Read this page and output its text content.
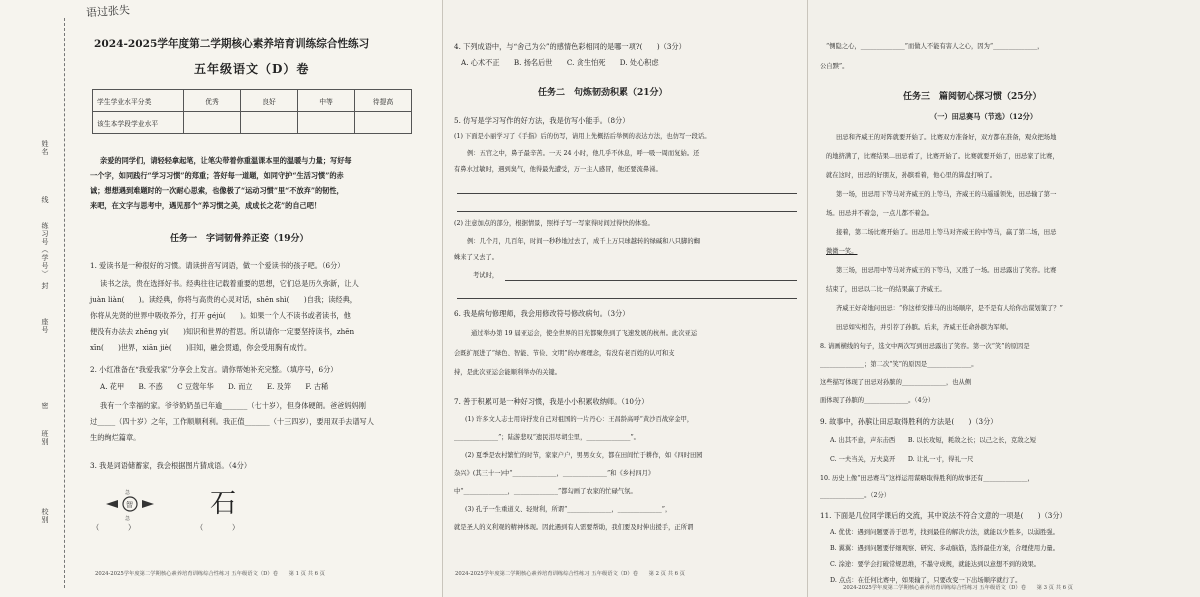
语过张失
姓名
线
练习号（学号）
封
座号
密
班别
校别
2024-2025学年度第二学期核心素养培育训练综合性练习
五年级语文（D）卷
学生学业水平分类	优秀	良好	中等	待提高
该生本学段学业水平				
亲爱的同学们，请轻轻拿起笔，让笔尖带着你重温课本里的温暖与力量；写好每
一个字，如同践行“学习习惯”的郑重；答好每一道题，如同守护“生活习惯”的赤
诚；想想遇到难题时的一次耐心思索，也像极了“运动习惯”里“不放弃”的韧性，
来吧，在文字与思考中，遇见那个“养习惯之美，成成长之花”的自己吧！
任务一　字词韧骨养正姿（19分）
1. 爱读书是一种很好的习惯。请读拼音写词语，做一个爱读书的孩子吧。（6分）
读书之法，贵在选择好书。经典往往记载着重要的思想，它们总是历久弥新，让人
juàn liàn(　　)。读经典，你将与高贵的心灵对话，shēn shì(　　)自我；读经典，
你将从先贤的世界中吸收养分，打开 géjú(　　)。如果一个人不读书或者读书，他
便没有办法去 zhēng yì(　　)知识和世界的哲思。所以请你一定要坚持读书，zhēn
xīn(　　)世界，xiān jiè(　　)旧知，融会贯通，你会受用胸有成竹。
2. 小红准备在“我爱我家”分享会上发言。请你帮她补充完整。（填序号，6分）
A. 花甲　　B. 不惑　　C 豆蔻年华　　D. 而立　　E. 及笄　　F. 古稀
我有一个幸福的家。爷爷奶奶虽已年逾_______（七十岁），但身体硬朗。爸爸妈妈刚
过_____（四十岁）之年，工作顺顺利利。我正值_______（十三四岁），要用双手去谱写人
生的绚烂篇章。
3. 我是词语储蓄家，我会根据图片猜成语。（4分）
智
急
急	石
（　　　　）	（　　　　）
2024-2025学年度第二学期核心素养培育训练综合性练习 五年级语文（D）卷　　第 1 页 共 6 页
4. 下列成语中，与“舍己为公”的感情色彩相同的是哪一项?(　　)（3分）
A. 心术不正　　B. 扬名后世　　C. 贪生怕死　　D. 处心积虑
任务二　句炼韧劲积累（21分）
5. 仿写是学习写作的好方法，我是仿写小能手。（8分）
(1) 下面是小丽学习了《手指》后的仿写，请用上先概括后举例的表达方法，也仿写一段话。
例：五官之中，鼻子最辛苦。一天 24 小时，他几乎不休息，呼一吸一周而复始。还
有鼻水过敏时，遇到臭气，他得最先遭受，万一主人感冒，他还要流鼻涕。
(2) 注意加点的部分，根据情景，照样子写一写家得时间过得快的体验。
例：几个月，几百年，时间一秒秒地过去了，成千上万只球越转的绿碱和八只脚的蜘
蛛来了又去了。
考试时，
6. 我是病句修理师，我会用修改符号修改病句。（3分）
通过举办第 19 届亚运会，使全世界的目光都聚焦到了飞速发展的杭州。此次亚运
会既扩展进了“绿色、智能、节俭、文明”的办赛理念，有没有老百姓的认可和支
持，是此次亚运会能顺利举办的关键。
7. 善于积累可是一种好习惯，我是小小积累收纳师。（10分）
(1) 许多文人志士用诗抒发自己对祖国的一片丹心：王昌龄高呼“黄沙百战穿金甲，
______________”；陆游悲叹“遗民泪尽胡尘里，______________”。
(2) 夏季是农村繁忙的时节，家家户户，男男女女，都在田间忙于耕作，如《四时田园
杂兴》(其三十一)中“______________，______________”和《乡村四月》
中“______________，______________”都勾画了农家的忙碌气氛。
(3) 孔子一生重道义、轻财利，所谓“______________，______________”，
就是圣人的义利观的精神体现。因此遇到有人需要帮助，我们要及时伸出援手，正所谓
2024-2025学年度第二学期核心素养培育训练综合性练习 五年级语文（D）卷　　第 2 页 共 6 页
“恻隐之心，______________”而做人不能有害人之心，因为“______________，
公自黩”。
任务三　篇阅韧心探习惯（25分）
（一）田忌赛马（节选）（12分）
田忌和齐威王的对阵就要开始了。比赛双方准备好，双方都在准备，观众把场地
的地挤满了，比赛结果...田忌看了，比赛开始了。比赛就要开始了，田忌家了比赛，
就在这时，田忌的好朋友，孙膑看着，他心里的算盘打响了。
第一场，田忌用下等马对齐威王的上等马，齐威王的马遥遥领先，田忌输了第一
场。田忌并不着急，一点儿都不着急。
接着，第二场比赛开始了。田忌用上等马对齐威王的中等马，赢了第二场，田忌
微微一笑。
第三场，田忌用中等马对齐威王的下等马，又胜了一场。田忌露出了笑容。比赛
结束了，田忌以二比一的结果赢了齐威王。
齐威王好奇地问田忌：“你这样安排马的出场顺序，是不是有人给你出谋划策了？”
田忌如实相告，并引荐了孙膑。后来，齐威王任命孙膑为军师。
8. 请画横线的句子，选文中两次写到田忌露出了笑容。第一次“笑”的原因是
______________；第二次“笑”的原因是______________。
这些描写体现了田忌对孙膑的______________，也从侧
面体现了孙膑的______________。（4分）
9. 故事中，孙膑让田忌取得胜利的方法是(　　)（3分）
A. 出其不意，声东击西　　B. 以长攻短，耗敌之长；以己之长，克敌之短
C. 一夫当关，万夫莫开　　D. 让礼一寸，得礼一尺
10. 历史上像“田忌赛马”这样运用谋略取得胜利的故事还有______________，
______________。（2分）
11. 下面是几位同学课后的交流，其中说法不符合文意的一项是(　　)（3分）
A. 优优：遇到问题要善于思考，找到最佳的解决方法，就能以少胜多，以弱胜强。
B. 翼翼：遇到问题要仔细观察、研究、多动脑筋，选择最佳方案，合理使用力量。
C. 涂途：要学会打破常规思维，不墨守成规，就能达到以意想不到的效果。
D. 点点：在任何比赛中，如果输了，只要改变一下出场顺序就行了。
2024-2025学年度第二学期核心素养培育训练综合性练习 五年级语文（D）卷　　第 3 页 共 6 页
